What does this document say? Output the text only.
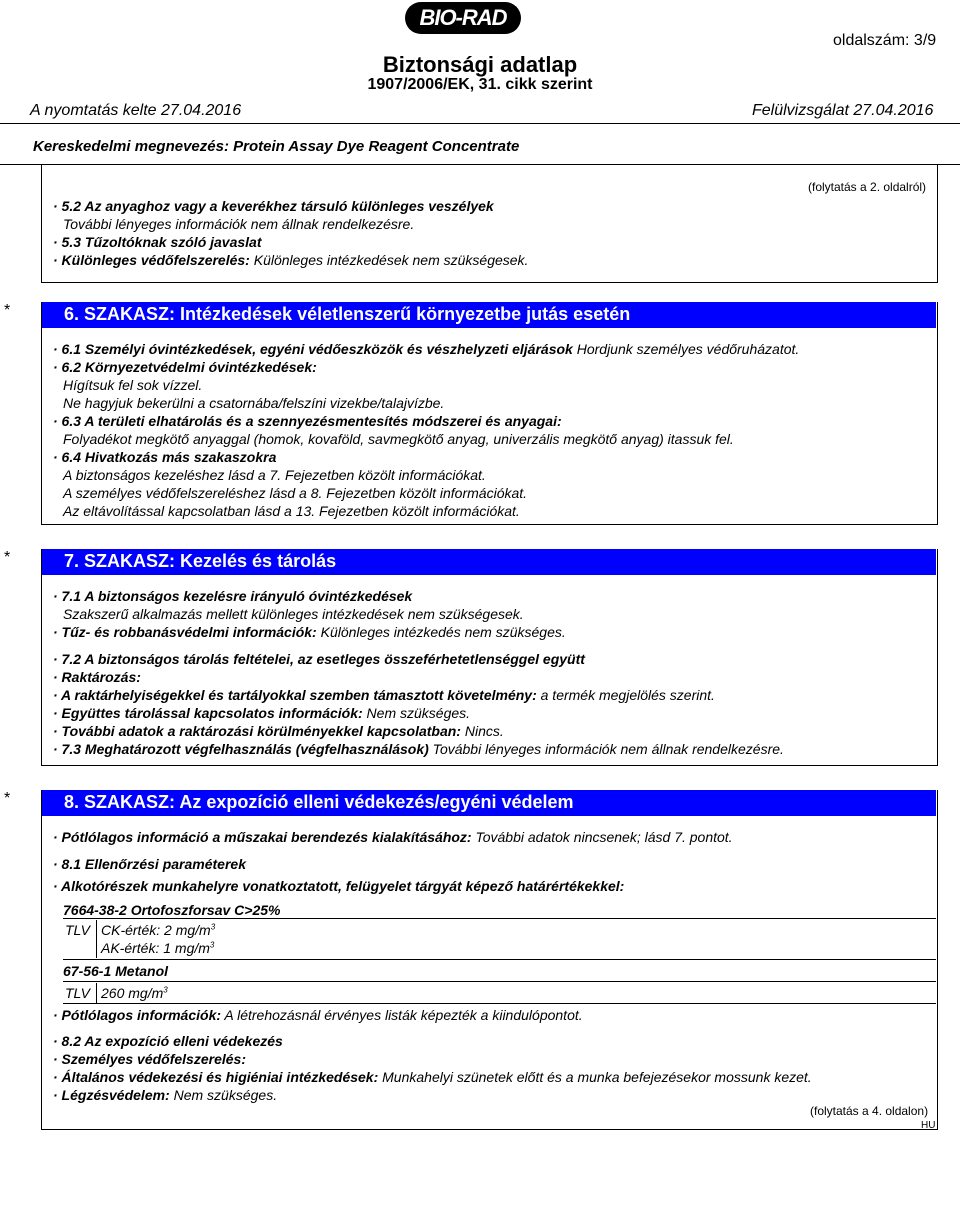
BIO-RAD
oldalszám: 3/9
Biztonsági adatlap
1907/2006/EK, 31. cikk szerint
A nyomtatás kelte 27.04.2016	Felülvizsgálat 27.04.2016
Kereskedelmi megnevezés: Protein Assay Dye Reagent Concentrate
(folytatás a 2. oldalról)
· 5.2 Az anyaghoz vagy a keverékhez társuló különleges veszélyek
További lényeges információk nem állnak rendelkezésre.
· 5.3 Tűzoltóknak szóló javaslat
· Különleges védőfelszerelés: Különleges intézkedések nem szükségesek.
*	6. SZAKASZ: Intézkedések véletlenszerű környezetbe jutás esetén
· 6.1 Személyi óvintézkedések, egyéni védőeszközök és vészhelyzeti eljárások Hordjunk személyes védőruházatot.
· 6.2 Környezetvédelmi óvintézkedések:
Hígítsuk fel sok vízzel.
Ne hagyjuk bekerülni a csatornába/felszíni vizekbe/talajvízbe.
· 6.3 A területi elhatárolás és a szennyezésmentesítés módszerei és anyagai:
Folyadékot megkötő anyaggal (homok, kovaföld, savmegkötő anyag, univerzális megkötő anyag) itassuk fel.
· 6.4 Hivatkozás más szakaszokra
A biztonságos kezeléshez lásd a 7. Fejezetben közölt információkat.
A személyes védőfelszereléshez lásd a 8. Fejezetben közölt információkat.
Az eltávolítással kapcsolatban lásd a 13. Fejezetben közölt információkat.
*	7. SZAKASZ: Kezelés és tárolás
· 7.1 A biztonságos kezelésre irányuló óvintézkedések
Szakszerű alkalmazás mellett különleges intézkedések nem szükségesek.
· Tűz- és robbanásvédelmi információk: Különleges intézkedés nem szükséges.
· 7.2 A biztonságos tárolás feltételei, az esetleges összeférhetetlenséggel együtt
· Raktározás:
· A raktárhelyiségekkel és tartályokkal szemben támasztott követelmény: a termék megjelölés szerint.
· Együttes tárolással kapcsolatos információk: Nem szükséges.
· További adatok a raktározási körülményekkel kapcsolatban: Nincs.
· 7.3 Meghatározott végfelhasználás (végfelhasználások) További lényeges információk nem állnak rendelkezésre.
*	8. SZAKASZ: Az expozíció elleni védekezés/egyéni védelem
· Pótlólagos információ a műszakai berendezés kialakításához: További adatok nincsenek; lásd 7. pontot.
· 8.1 Ellenőrzési paraméterek
· Alkotórészek munkahelyre vonatkoztatott, felügyelet tárgyát képező határértékekkel:
7664-38-2 Ortofoszforsav C>25%
TLV CK-érték: 2 $mg/m^3$
AK-érték: 1 $mg/m^3$
67-56-1 Metanol
TLV 260 $mg/m^3$
· Pótlólagos információk: A létrehozásnál érvényes listák képezték a kiindulópontot.
· 8.2 Az expozíció elleni védekezés
· Személyes védőfelszerelés:
· Általános védekezési és higiéniai intézkedések: Munkahelyi szünetek előtt és a munka befejezésekor mossunk kezet.
· Légzésvédelem: Nem szükséges.
(folytatás a 4. oldalon)
HU
